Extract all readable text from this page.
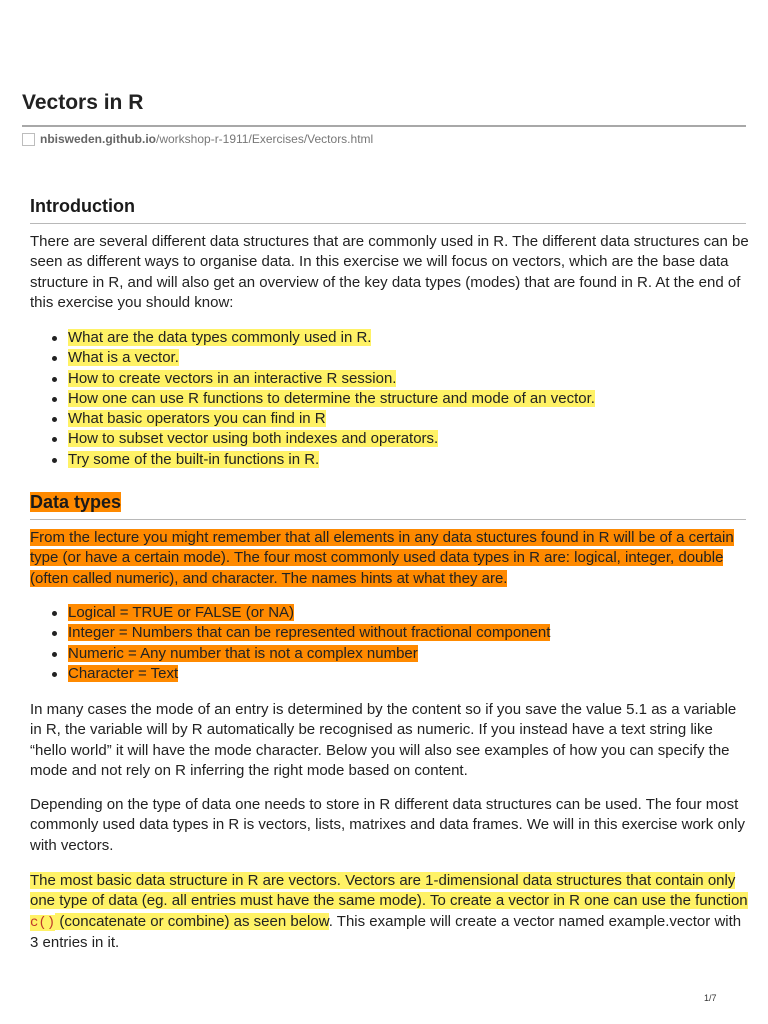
Vectors in R
nbisweden.github.io /workshop-r-1911/Exercises/Vectors.html
Introduction

There are several different data structures that are commonly used in R. The different data structures can be seen as different ways to organise data. In this exercise we will focus on vectors, which are the base data structure in R, and will also get an overview of the key data types (modes) that are found in R. At the end of this exercise you should know:

What are the data types commonly used in R.
What is a vector.
How to create vectors in an interactive R session.
How one can use R functions to determine the structure and mode of an vector.
What basic operators you can find in R
How to subset vector using both indexes and operators.
Try some of the built-in functions in R.
Data types

From the lecture you might remember that all elements in any data stuctures found in R will be of a certain type (or have a certain mode). The four most commonly used data types in R are: logical, integer, double (often called numeric), and character. The names hints at what they are.

Logical = TRUE or FALSE (or NA)
Integer = Numbers that can be represented without fractional component
Numeric = Any number that is not a complex number
Character = Text

In many cases the mode of an entry is determined by the content so if you save the value 5.1 as a variable in R, the variable will by R automatically be recognised as numeric. If you instead have a text string like “hello world” it will have the mode character. Below you will also see examples of how you can specify the mode and not rely on R inferring the right mode based on content.

Depending on the type of data one needs to store in R different data structures can be used. The four most commonly used data types in R is vectors, lists, matrixes and data frames. We will in this exercise work only with vectors.

The most basic data structure in R are vectors. Vectors are 1-dimensional data structures that contain only one type of data (eg. all entries must have the same mode). To create a vector in R one can use the function c() (concatenate or combine) as seen below. This example will create a vector named example.vector with 3 entries in it.

1/7
